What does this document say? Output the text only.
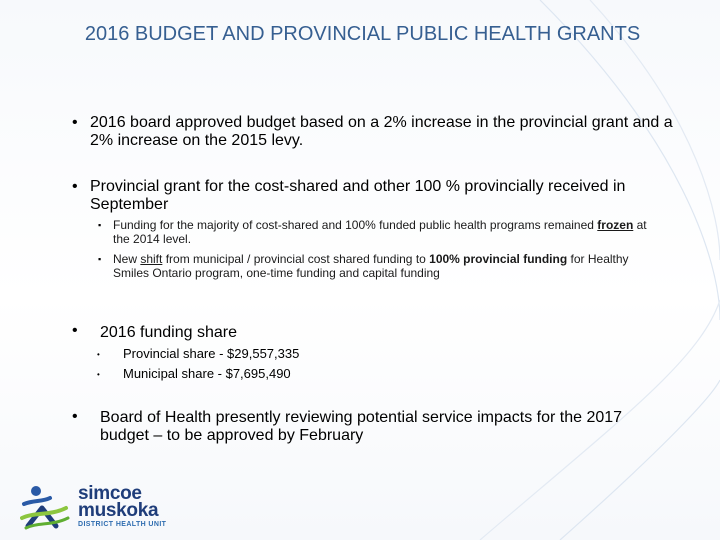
2016 BUDGET AND PROVINCIAL PUBLIC HEALTH GRANTS
• 2016 board approved budget based on a 2% increase in the provincial grant and a 2% increase on the 2015 levy.
• Provincial grant for the cost-shared and other 100 % provincially received in September
▪ Funding for the majority of cost-shared and 100% funded public health programs remained frozen at the 2014 level.
▪ New shift from municipal / provincial cost shared funding to 100% provincial funding for Healthy Smiles Ontario program, one-time funding and capital funding
• 2016 funding share
• Provincial share - $29,557,335
• Municipal share - $7,695,490
• Board of Health presently reviewing potential service impacts for the 2017 budget – to be approved by February
simcoe
muskoka
DISTRICT HEALTH UNIT
